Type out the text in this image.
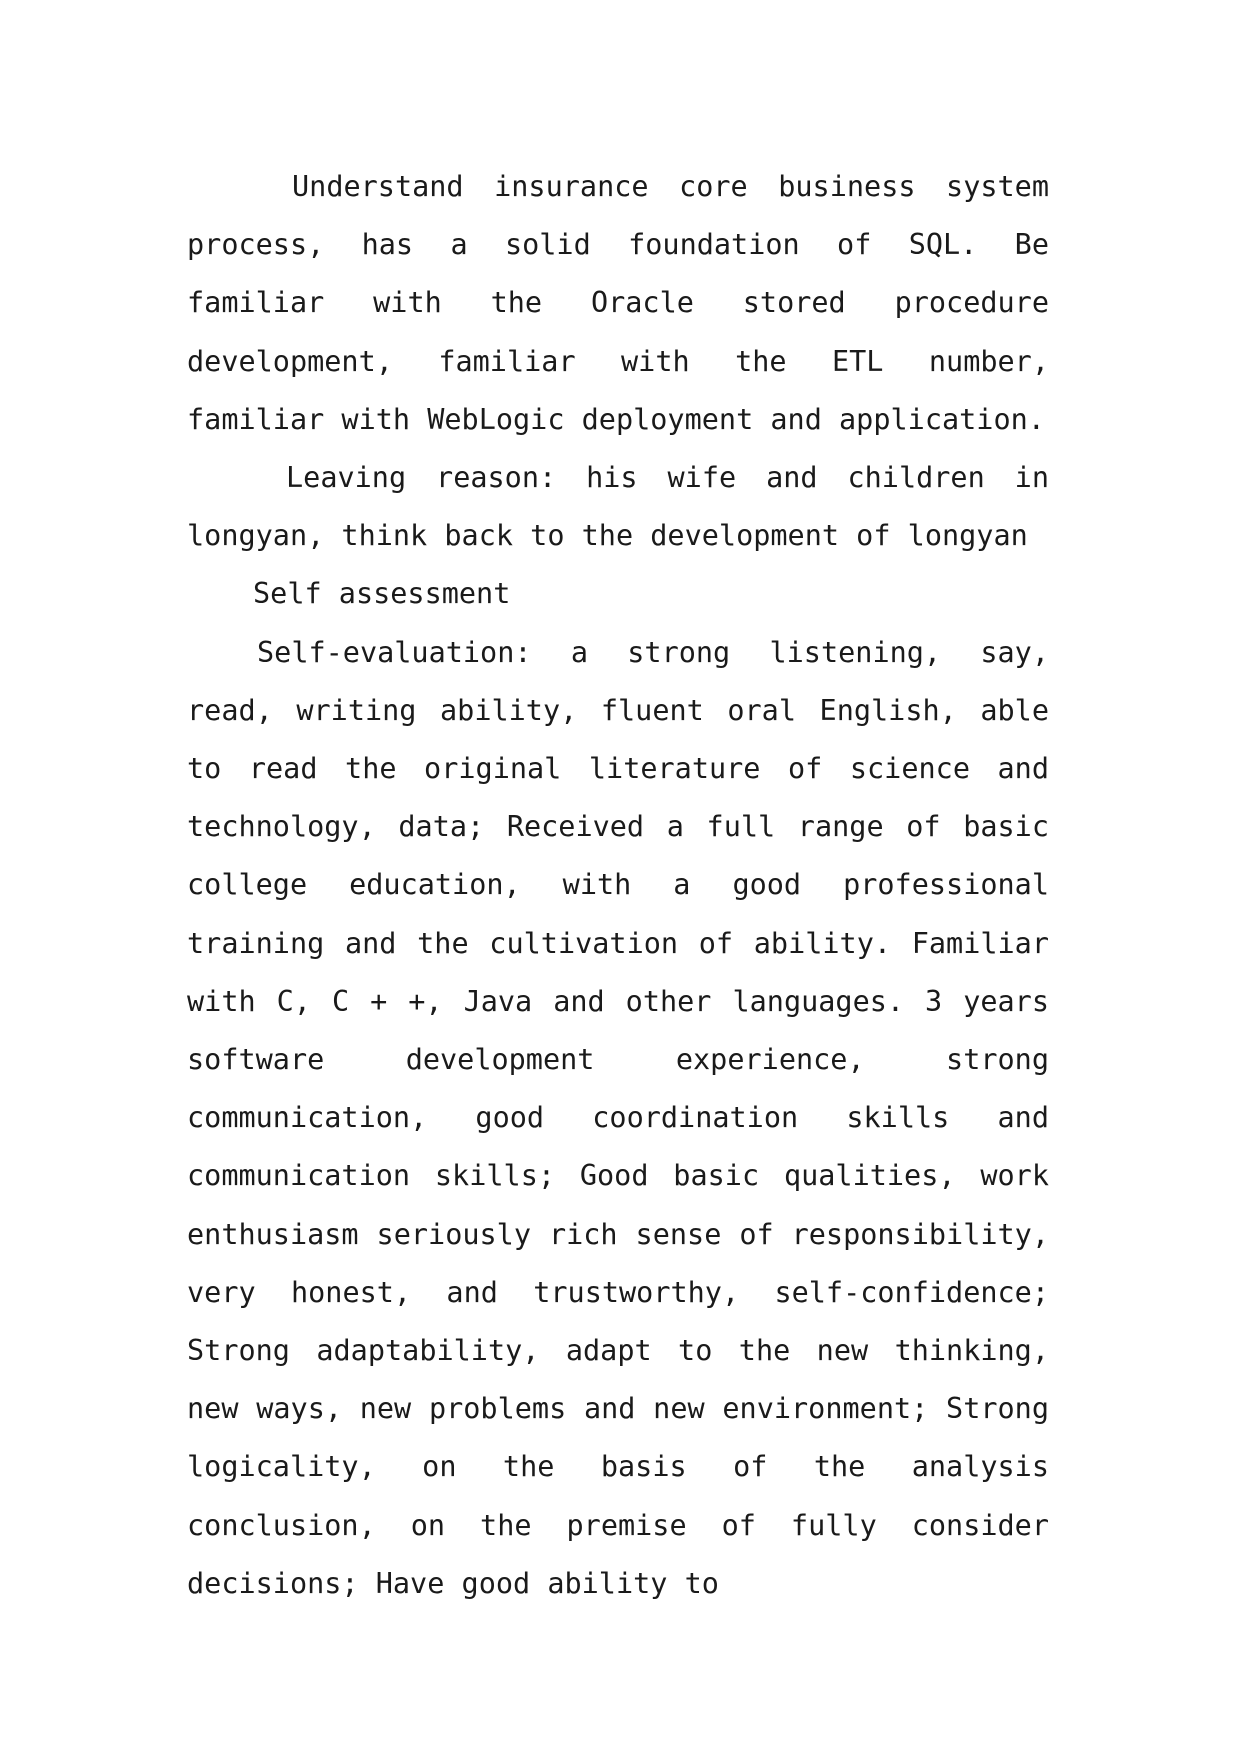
Understand insurance core business system process, has a solid foundation of SQL. Be familiar with the Oracle stored procedure development, familiar with the ETL number, familiar with WebLogic deployment and application.

Leaving reason: his wife and children in longyan, think back to the development of longyan

Self assessment

Self-evaluation: a strong listening, say, read, writing ability, fluent oral English, able to read the original literature of science and technology, data; Received a full range of basic college education, with a good professional training and the cultivation of ability. Familiar with C, C + +, Java and other languages. 3 years software development experience, strong communication, good coordination skills and communication skills; Good basic qualities, work enthusiasm seriously rich sense of responsibility, very honest, and trustworthy, self-confidence; Strong adaptability, adapt to the new thinking, new ways, new problems and new environment; Strong logicality, on the basis of the analysis conclusion, on the premise of fully consider decisions; Have good ability to
